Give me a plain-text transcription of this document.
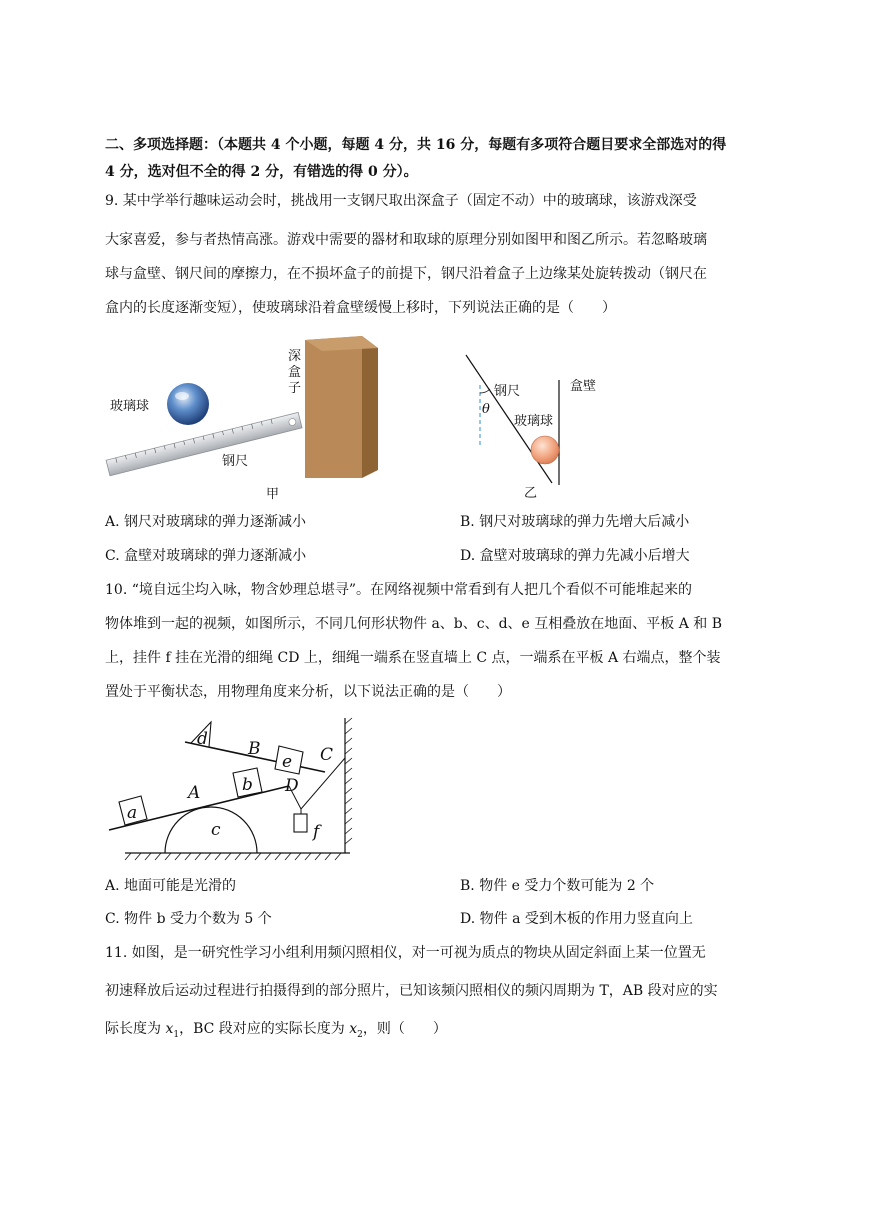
二、多项选择题：（本题共 4 个小题，每题 4 分，共 16 分，每题有多项符合题目要求全部选对的得
4 分，选对但不全的得 2 分，有错选的得 0 分）。
9. 某中学举行趣味运动会时，挑战用一支钢尺取出深盒子（固定不动）中的玻璃球，该游戏深受
大家喜爱，参与者热情高涨。游戏中需要的器材和取球的原理分别如图甲和图乙所示。若忽略玻璃
球与盒壁、钢尺间的摩擦力，在不损坏盒子的前提下，钢尺沿着盒子上边缘某处旋转拨动（钢尺在
盒内的长度逐渐变短），使玻璃球沿着盒壁缓慢上移时，下列说法正确的是（　　）
玻璃球
钢尺
深
盒
子
甲
钢尺	盒壁
θ
玻璃球
乙
A. 钢尺对玻璃球的弹力逐渐减小	B. 钢尺对玻璃球的弹力先增大后减小
C. 盒壁对玻璃球的弹力逐渐减小	D. 盒壁对玻璃球的弹力先减小后增大
10. “境自远尘均入咏，物含妙理总堪寻”。在网络视频中常看到有人把几个看似不可能堆起来的
物体堆到一起的视频，如图所示，不同几何形状物件 a、b、c、d、e 互相叠放在地面、平板 A 和 B
上，挂件 f 挂在光滑的细绳 CD 上，细绳一端系在竖直墙上 C 点，一端系在平板 A 右端点，整个装
置处于平衡状态，用物理角度来分析，以下说法正确的是（　　）
a
b
c
d
e
f
A
B	C
D
A. 地面可能是光滑的	B. 物件 e 受力个数可能为 2 个
C. 物件 b 受力个数为 5 个	D. 物件 a 受到木板的作用力竖直向上
11. 如图，是一研究性学习小组利用频闪照相仪，对一可视为质点的物块从固定斜面上某一位置无
初速释放后运动过程进行拍摄得到的部分照片，已知该频闪照相仪的频闪周期为 T，AB 段对应的实
际长度为 $x_1$，BC 段对应的实际长度为 $x_2$，则（　　）
